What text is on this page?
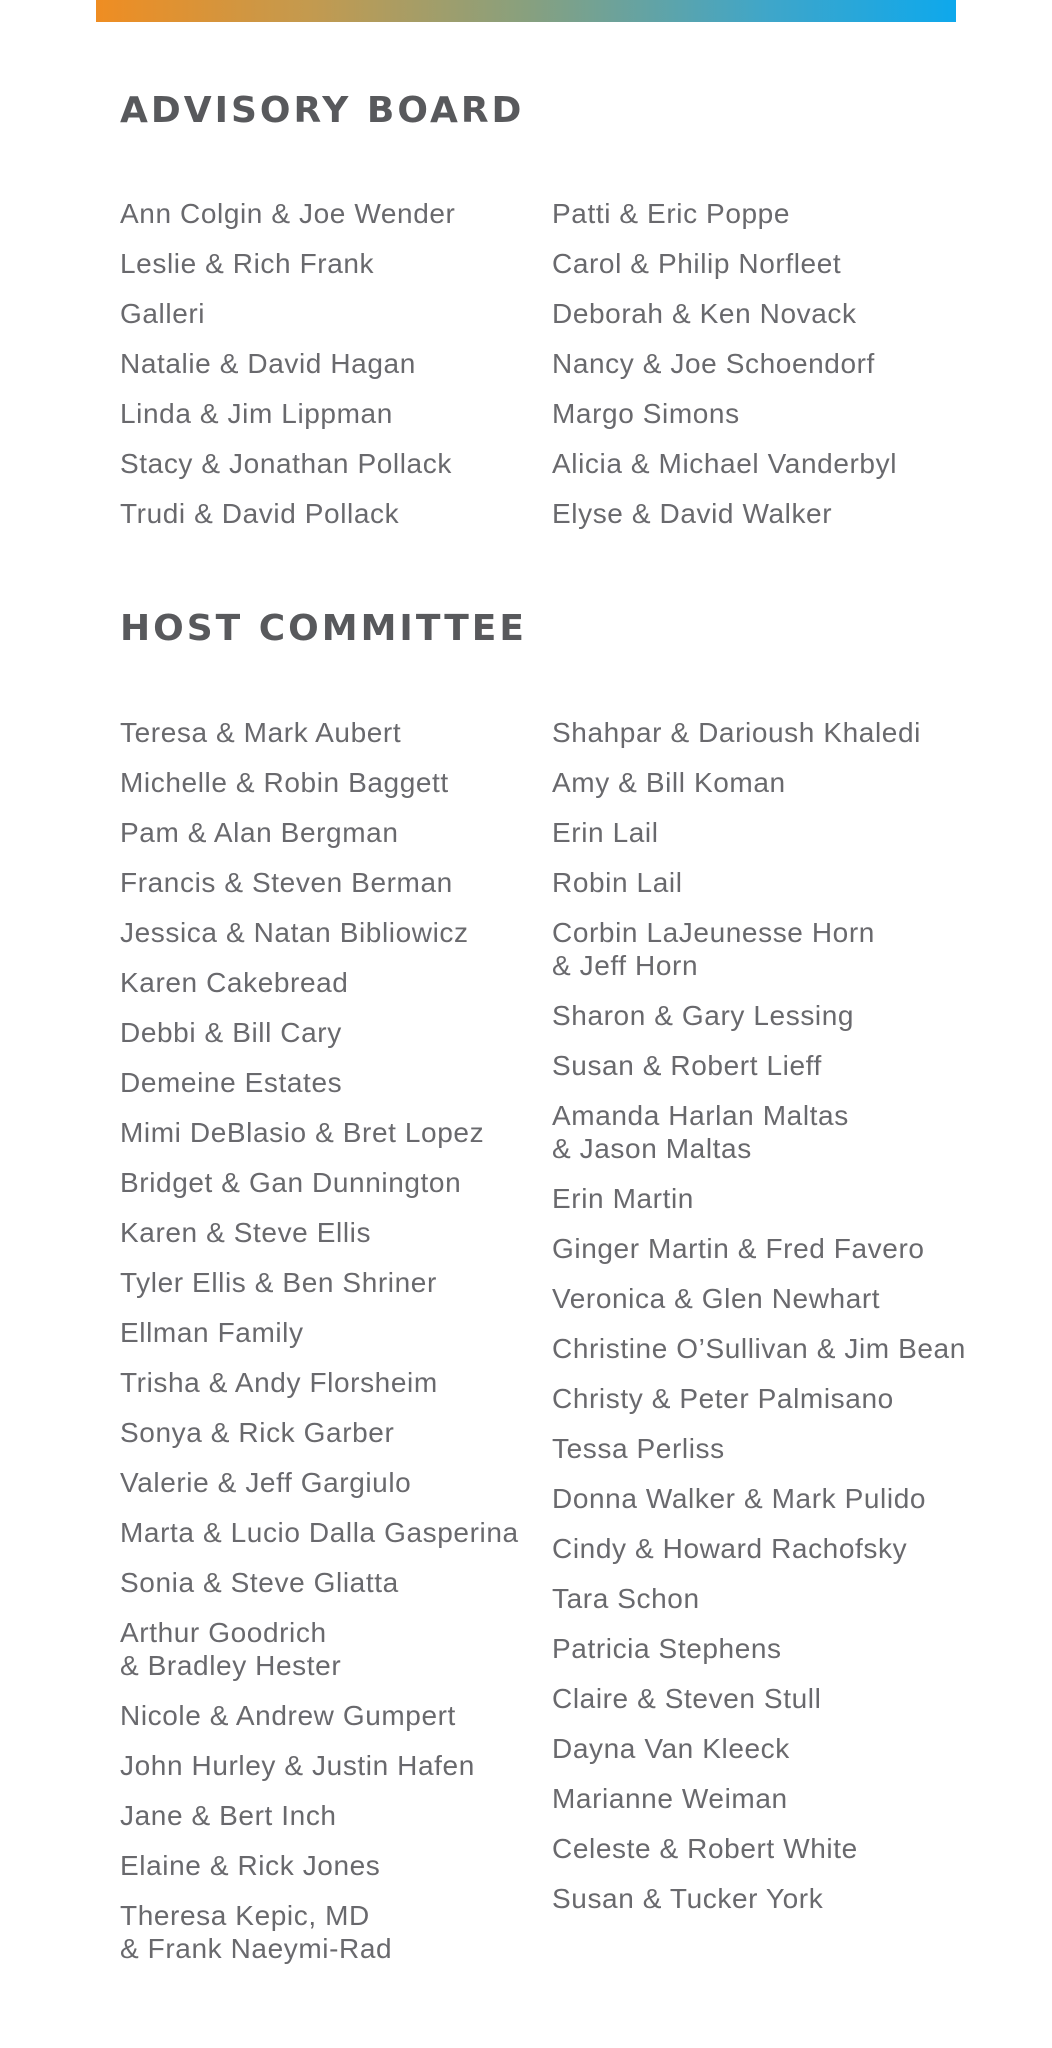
ADVISORY BOARD
Ann Colgin & Joe Wender
Leslie & Rich Frank
Galleri
Natalie & David Hagan
Linda & Jim Lippman
Stacy & Jonathan Pollack
Trudi & David Pollack
Patti & Eric Poppe
Carol & Philip Norfleet
Deborah & Ken Novack
Nancy & Joe Schoendorf
Margo Simons
Alicia & Michael Vanderbyl
Elyse & David Walker
HOST COMMITTEE
Teresa & Mark Aubert
Michelle & Robin Baggett
Pam & Alan Bergman
Francis & Steven Berman
Jessica & Natan Bibliowicz
Karen Cakebread
Debbi & Bill Cary
Demeine Estates
Mimi DeBlasio & Bret Lopez
Bridget & Gan Dunnington
Karen & Steve Ellis
Tyler Ellis & Ben Shriner
Ellman Family
Trisha & Andy Florsheim
Sonya & Rick Garber
Valerie & Jeff Gargiulo
Marta & Lucio Dalla Gasperina
Sonia & Steve Gliatta
Arthur Goodrich
& Bradley Hester
Nicole & Andrew Gumpert
John Hurley & Justin Hafen
Jane & Bert Inch
Elaine & Rick Jones
Theresa Kepic, MD
& Frank Naeymi-Rad
Shahpar & Darioush Khaledi
Amy & Bill Koman
Erin Lail
Robin Lail
Corbin LaJeunesse Horn
& Jeff Horn
Sharon & Gary Lessing
Susan & Robert Lieff
Amanda Harlan Maltas
& Jason Maltas
Erin Martin
Ginger Martin & Fred Favero
Veronica & Glen Newhart
Christine O’Sullivan & Jim Bean
Christy & Peter Palmisano
Tessa Perliss
Donna Walker & Mark Pulido
Cindy & Howard Rachofsky
Tara Schon
Patricia Stephens
Claire & Steven Stull
Dayna Van Kleeck
Marianne Weiman
Celeste & Robert White
Susan & Tucker York
